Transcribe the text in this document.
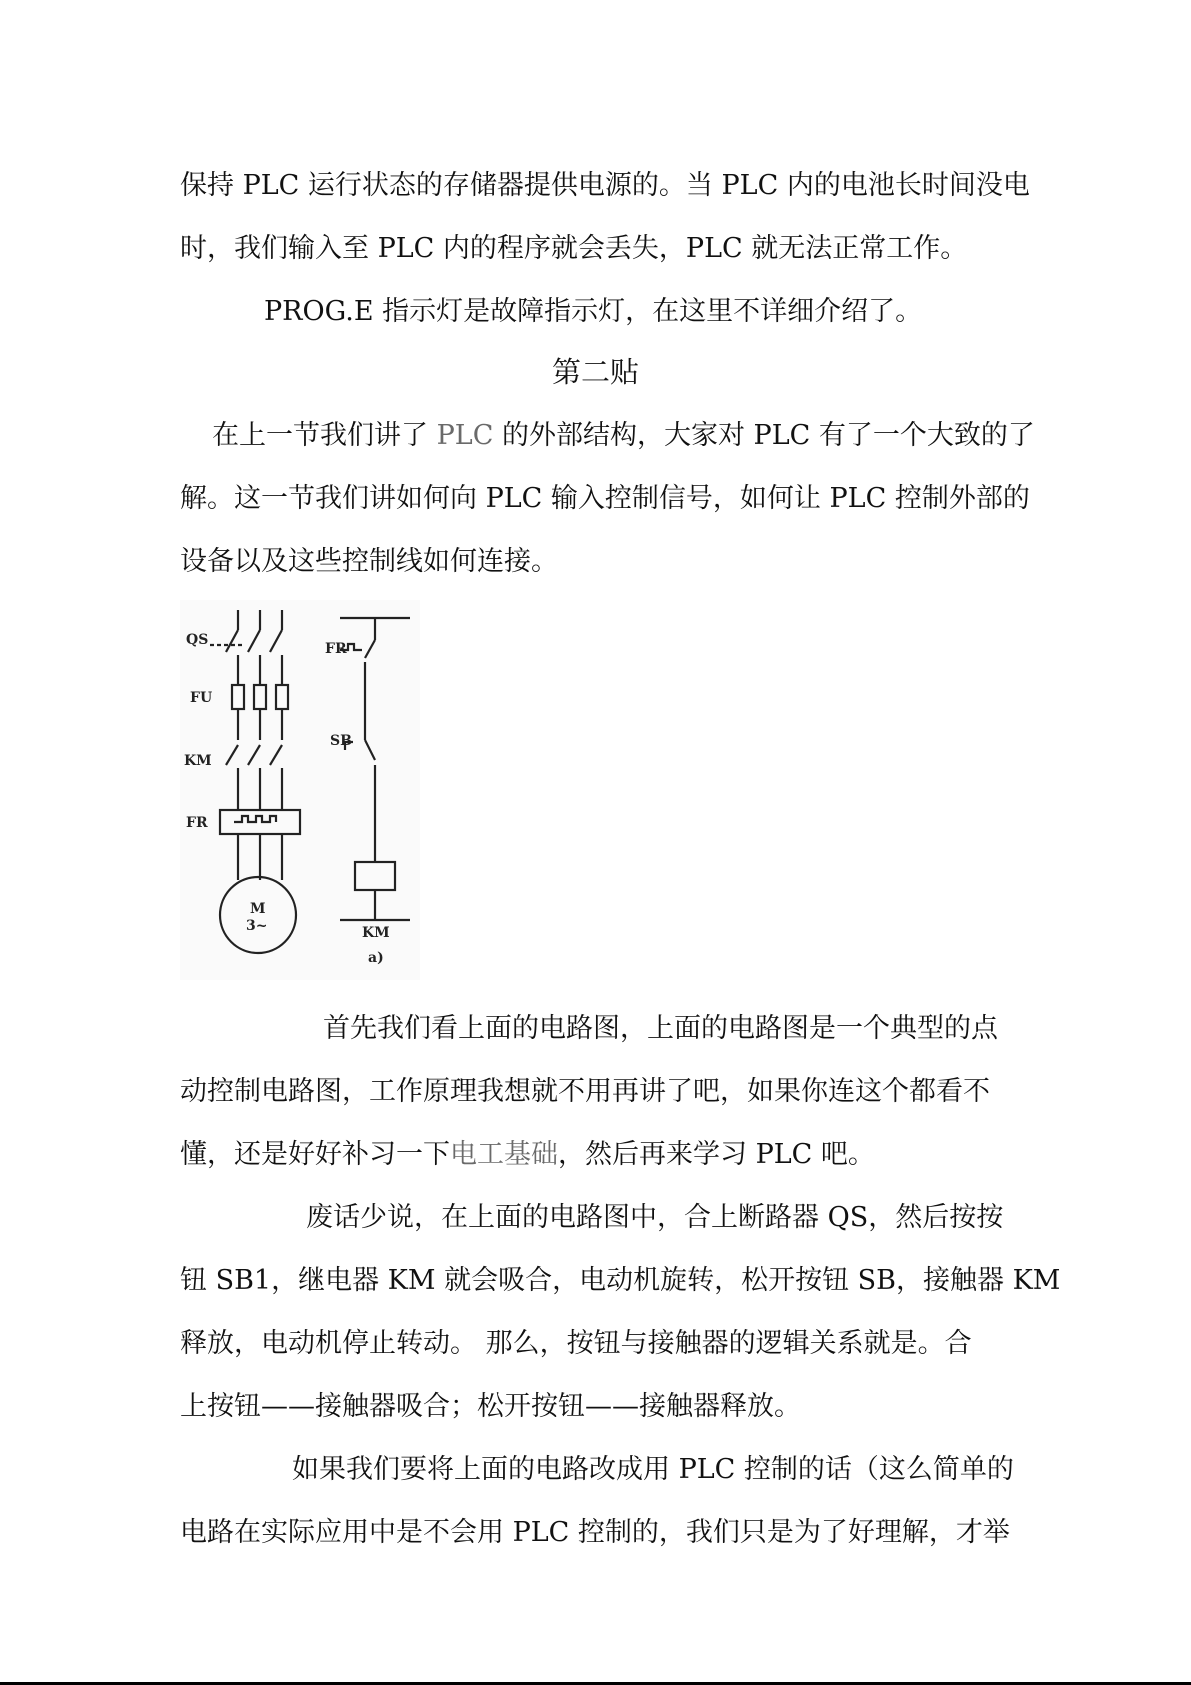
保持 PLC 运行状态的存储器提供电源的。当 PLC 内的电池长时间没电
时，我们输入至 PLC 内的程序就会丢失，PLC 就无法正常工作。
PROG.E 指示灯是故障指示灯，在这里不详细介绍了。
第二贴
在上一节我们讲了 PLC 的外部结构，大家对 PLC 有了一个大致的了
解。这一节我们讲如何向 PLC 输入控制信号，如何让 PLC 控制外部的
设备以及这些控制线如何连接。
QS
FU
KM
FR
FR
SB
M
3~	KM
a)
首先我们看上面的电路图，上面的电路图是一个典型的点
动控制电路图，工作原理我想就不用再讲了吧，如果你连这个都看不
懂，还是好好补习一下电工基础，然后再来学习 PLC 吧。
废话少说，在上面的电路图中，合上断路器 QS，然后按按
钮 SB1，继电器 KM 就会吸合，电动机旋转，松开按钮 SB，接触器 KM
释放，电动机停止转动。 那么，按钮与接触器的逻辑关系就是。合
上按钮——接触器吸合；松开按钮——接触器释放。
如果我们要将上面的电路改成用 PLC 控制的话（这么简单的
电路在实际应用中是不会用 PLC 控制的，我们只是为了好理解，才举
